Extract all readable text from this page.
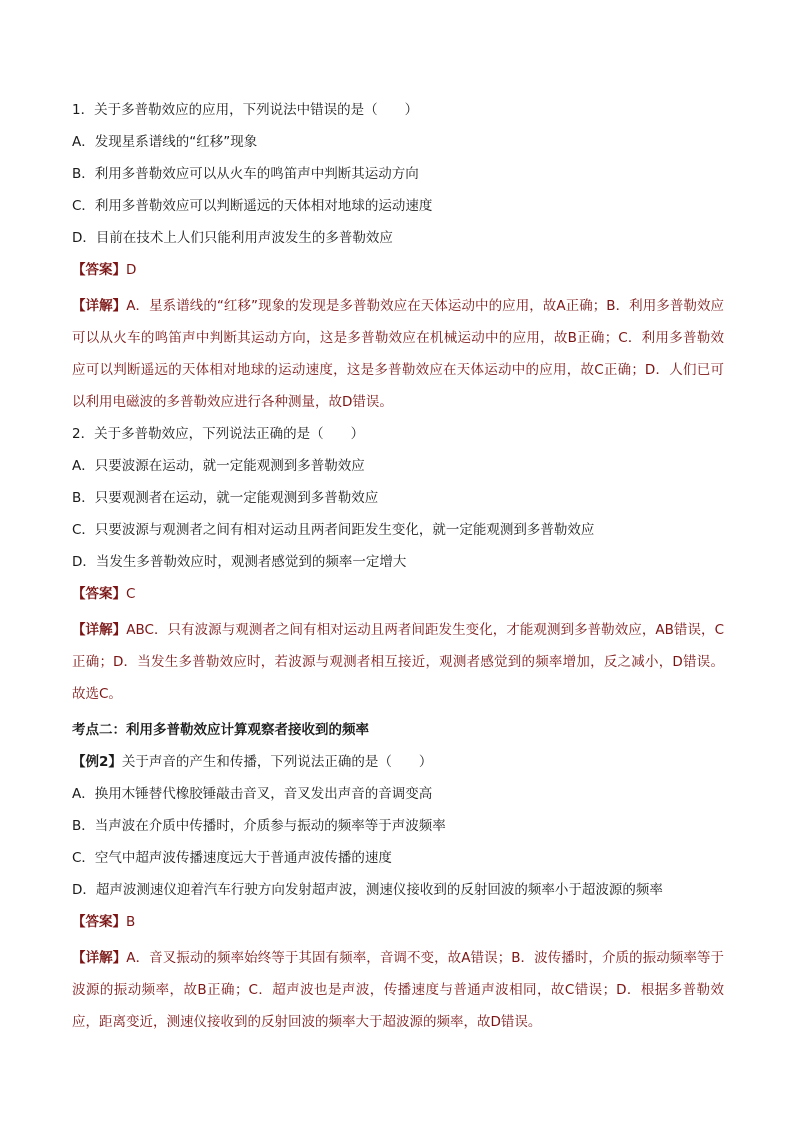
1．关于多普勒效应的应用，下列说法中错误的是（　　）
A．发现星系谱线的“红移”现象
B．利用多普勒效应可以从火车的鸣笛声中判断其运动方向
C．利用多普勒效应可以判断遥远的天体相对地球的运动速度
D．目前在技术上人们只能利用声波发生的多普勒效应
【答案】D
【详解】A．星系谱线的“红移”现象的发现是多普勒效应在天体运动中的应用，故A正确；B．利用多普勒效应可以从火车的鸣笛声中判断其运动方向，这是多普勒效应在机械运动中的应用，故B正确；C．利用多普勒效应可以判断遥远的天体相对地球的运动速度，这是多普勒效应在天体运动中的应用，故C正确；D．人们已可以利用电磁波的多普勒效应进行各种测量，故D错误。
2．关于多普勒效应，下列说法正确的是（　　）
A．只要波源在运动，就一定能观测到多普勒效应
B．只要观测者在运动，就一定能观测到多普勒效应
C．只要波源与观测者之间有相对运动且两者间距发生变化，就一定能观测到多普勒效应
D．当发生多普勒效应时，观测者感觉到的频率一定增大
【答案】C
【详解】ABC．只有波源与观测者之间有相对运动且两者间距发生变化，才能观测到多普勒效应，AB错误，C正确；D．当发生多普勒效应时，若波源与观测者相互接近，观测者感觉到的频率增加，反之减小，D错误。故选C。
考点二：利用多普勒效应计算观察者接收到的频率
【例2】关于声音的产生和传播，下列说法正确的是（　　）
A．换用木锤替代橡胶锤敲击音叉，音叉发出声音的音调变高
B．当声波在介质中传播时，介质参与振动的频率等于声波频率
C．空气中超声波传播速度远大于普通声波传播的速度
D．超声波测速仪迎着汽车行驶方向发射超声波，测速仪接收到的反射回波的频率小于超波源的频率
【答案】B
【详解】A．音叉振动的频率始终等于其固有频率，音调不变，故A错误；B．波传播时，介质的振动频率等于波源的振动频率，故B正确；C．超声波也是声波，传播速度与普通声波相同，故C错误；D．根据多普勒效应，距离变近，测速仪接收到的反射回波的频率大于超波源的频率，故D错误。
